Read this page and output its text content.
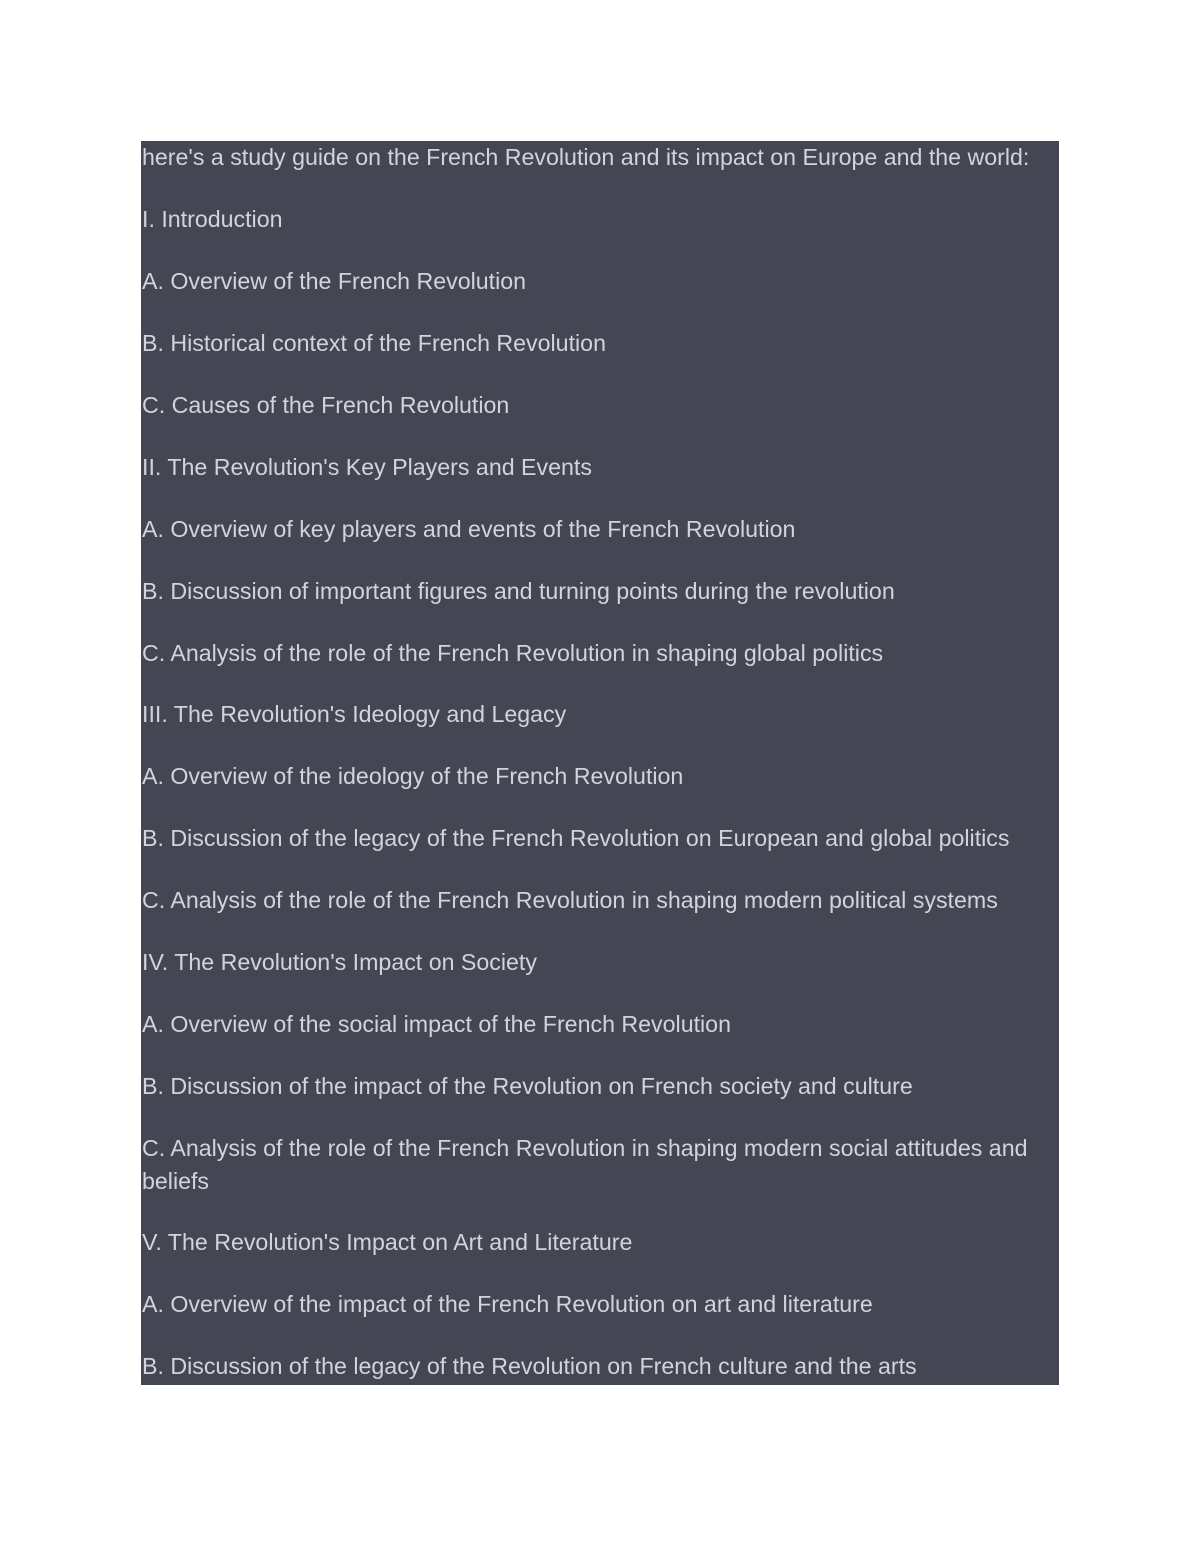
here's a study guide on the French Revolution and its impact on Europe and the world:
I. Introduction
A. Overview of the French Revolution
B. Historical context of the French Revolution
C. Causes of the French Revolution
II. The Revolution's Key Players and Events
A. Overview of key players and events of the French Revolution
B. Discussion of important figures and turning points during the revolution
C. Analysis of the role of the French Revolution in shaping global politics
III. The Revolution's Ideology and Legacy
A. Overview of the ideology of the French Revolution
B. Discussion of the legacy of the French Revolution on European and global politics
C. Analysis of the role of the French Revolution in shaping modern political systems
IV. The Revolution's Impact on Society
A. Overview of the social impact of the French Revolution
B. Discussion of the impact of the Revolution on French society and culture
C. Analysis of the role of the French Revolution in shaping modern social attitudes and beliefs
V. The Revolution's Impact on Art and Literature
A. Overview of the impact of the French Revolution on art and literature
B. Discussion of the legacy of the Revolution on French culture and the arts
